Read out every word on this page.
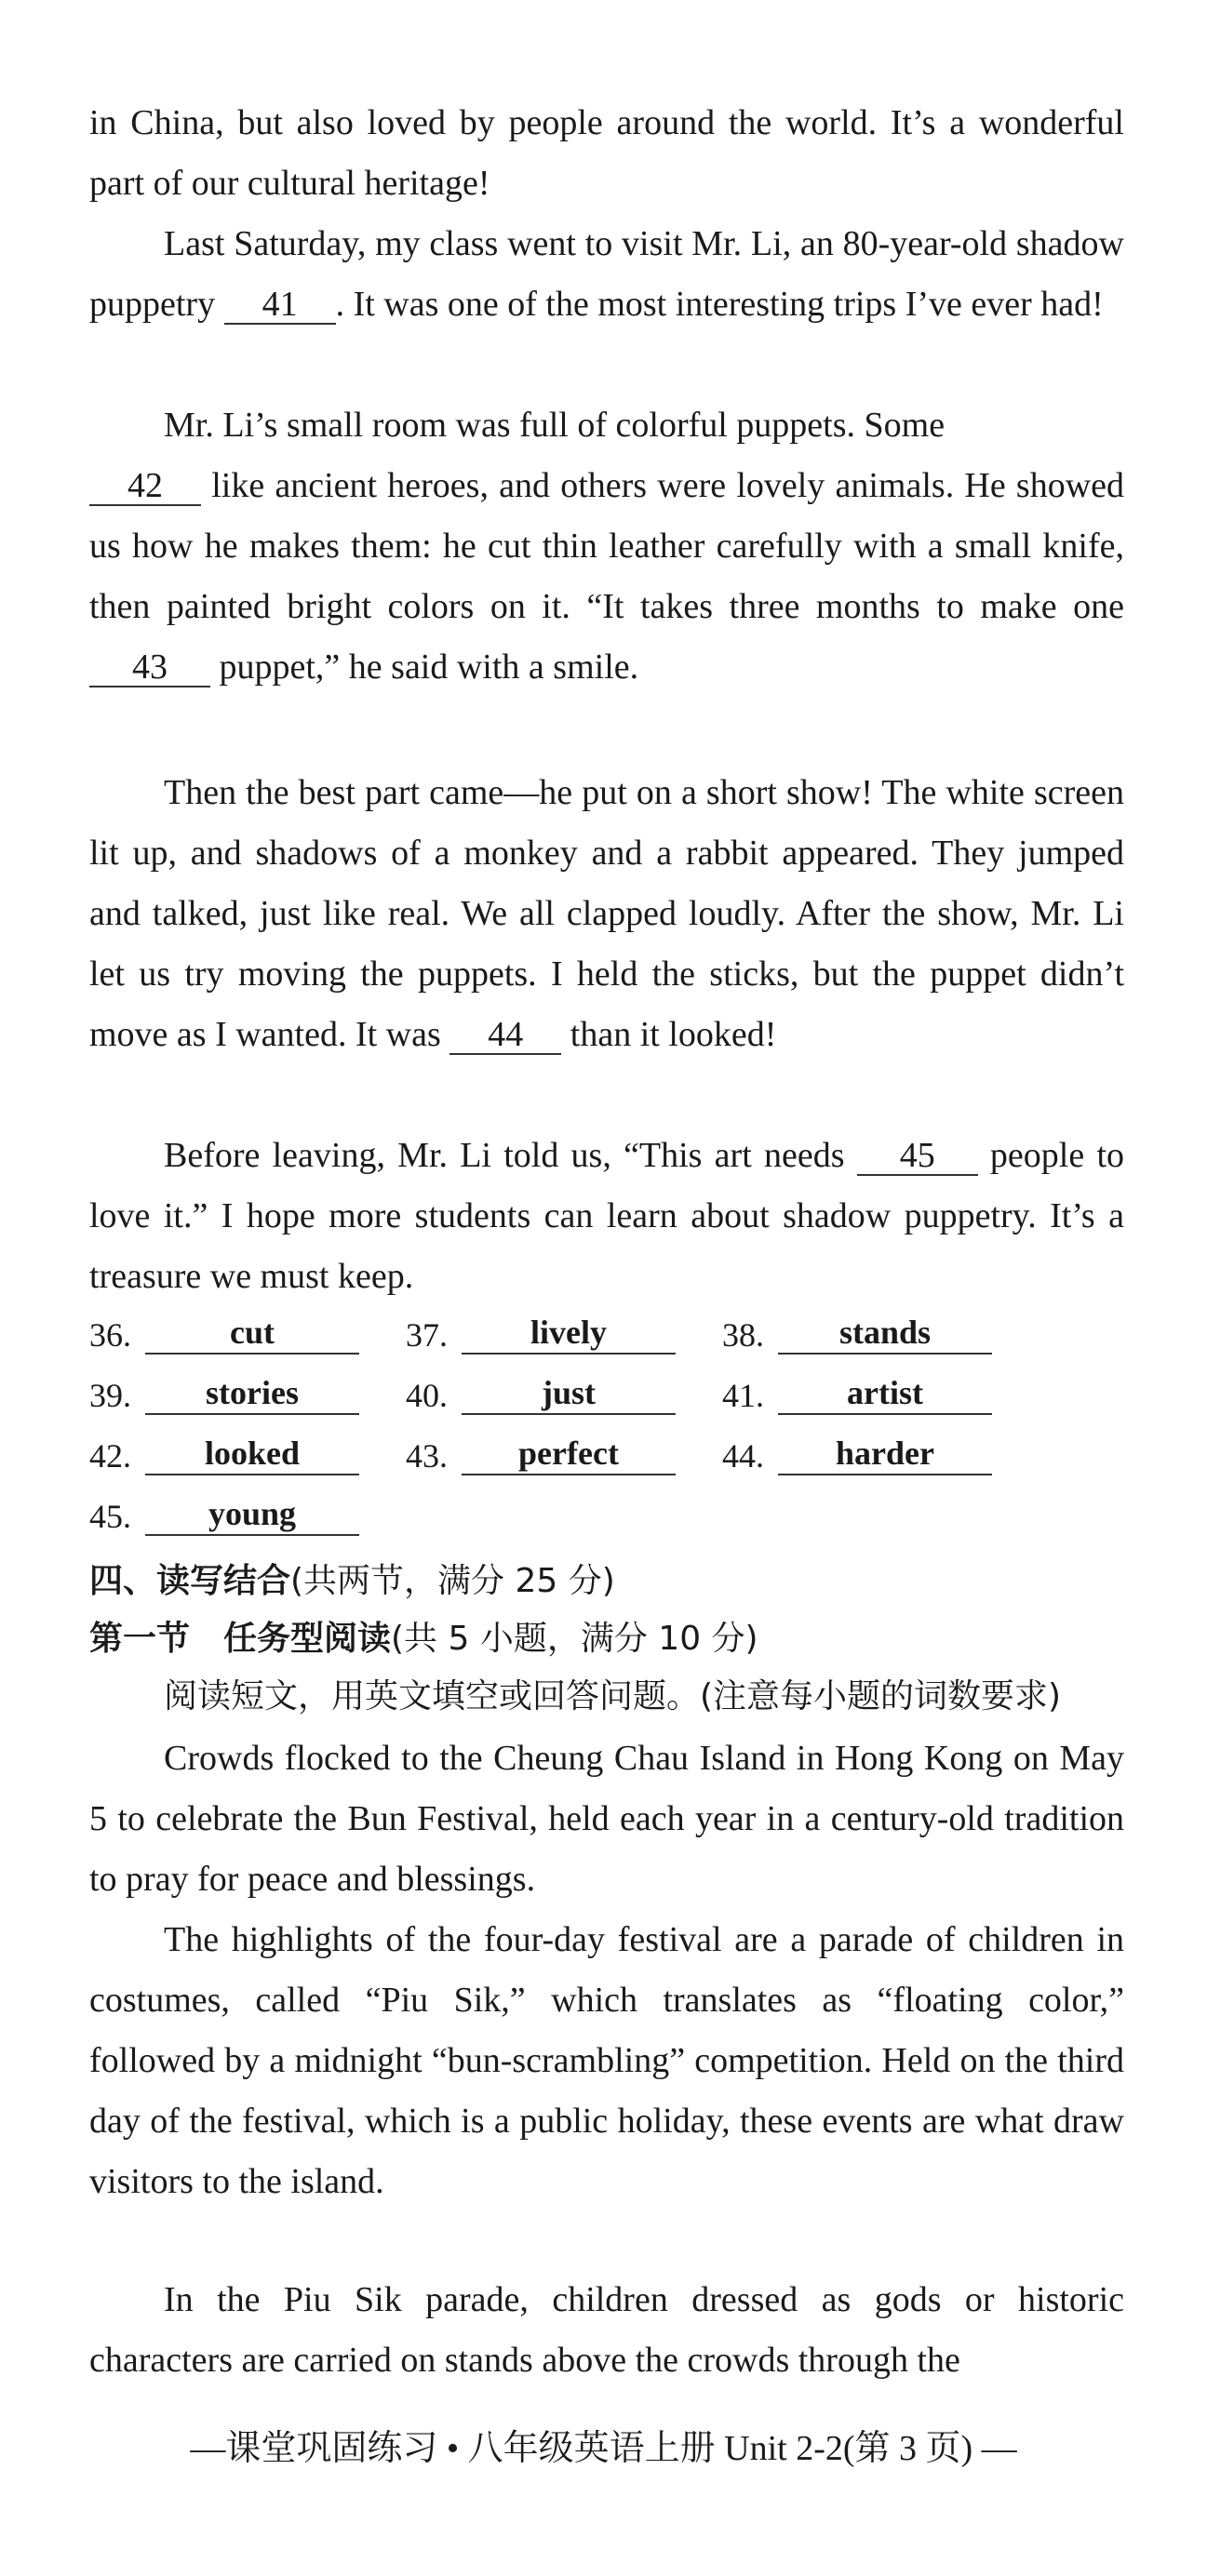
in China, but also loved by people around the world. It’s a wonderful part of our cultural heritage!

Last Saturday, my class went to visit Mr. Li, an 80-year-old shadow puppetry 41 . It was one of the most interesting trips I’ve ever had!

Mr. Li’s small room was full of colorful puppets. Some
42 like ancient heroes, and others were lovely animals. He showed us how he makes them: he cut thin leather carefully with a small knife, then painted bright colors on it. “It takes three months to make one 43 puppet,” he said with a smile.

Then the best part came—he put on a short show! The white screen lit up, and shadows of a monkey and a rabbit appeared. They jumped and talked, just like real. We all clapped loudly. After the show, Mr. Li let us try moving the puppets. I held the sticks, but the puppet didn’t move as I wanted. It was 44 than it looked!

Before leaving, Mr. Li told us, “This art needs 45 people to love it.” I hope more students can learn about shadow puppetry. It’s a treasure we must keep.

36.	cut	37.	lively	38.	stands
39.	stories	40.	just	41.	artist
42.	looked	43.	perfect	44.	harder
45.	young
四、读写结合(共两节，满分 25 分)
第一节　任务型阅读(共 5 小题，满分 10 分)
阅读短文，用英文填空或回答问题。(注意每小题的词数要求)

Crowds flocked to the Cheung Chau Island in Hong Kong on May 5 to celebrate the Bun Festival, held each year in a century-old tradition to pray for peace and blessings.

The highlights of the four-day festival are a parade of children in costumes, called “Piu Sik,” which translates as “floating color,” followed by a midnight “bun-scrambling” competition. Held on the third day of the festival, which is a public holiday, these events are what draw visitors to the island.

In the Piu Sik parade, children dressed as gods or historic characters are carried on stands above the crowds through the

—课堂巩固练习 • 八年级英语上册 Unit 2-2(第 3 页) —
